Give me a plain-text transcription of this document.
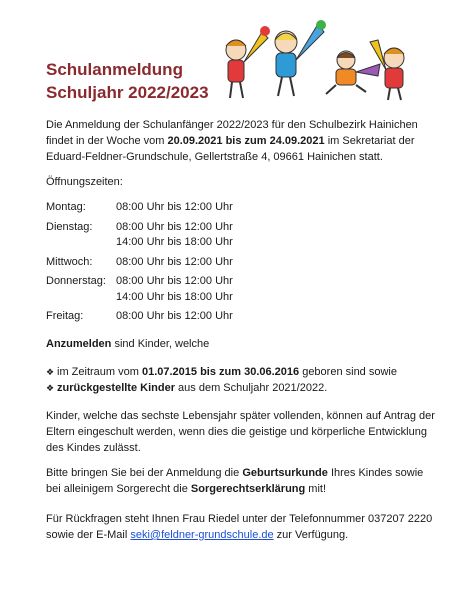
Schulanmeldung
Schuljahr 2022/2023

Die Anmeldung der Schulanfänger 2022/2023 für den Schulbezirk Hainichen findet in der Woche vom 20.09.2021 bis zum 24.09.2021 im Sekretariat der Eduard-Feldner-Grundschule, Gellertstraße 4, 09661 Hainichen statt.

Öffnungszeiten:

Montag:	08:00 Uhr bis 12:00 Uhr
Dienstag:	08:00 Uhr bis 12:00 Uhr
14:00 Uhr bis 18:00 Uhr
Mittwoch:	08:00 Uhr bis 12:00 Uhr
Donnerstag: 08:00 Uhr bis 12:00 Uhr
14:00 Uhr bis 18:00 Uhr
Freitag:	08:00 Uhr bis 12:00 Uhr

Anzumelden sind Kinder, welche

❖ im Zeitraum vom 01.07.2015 bis zum 30.06.2016 geboren sind sowie
❖ zurückgestellte Kinder aus dem Schuljahr 2021/2022.

Kinder, welche das sechste Lebensjahr später vollenden, können auf Antrag der Eltern eingeschult werden, wenn dies die geistige und körperliche Entwicklung des Kindes zulässt.

Bitte bringen Sie bei der Anmeldung die Geburtsurkunde Ihres Kindes sowie bei alleinigem Sorgerecht die Sorgerechtserklärung mit!

Für Rückfragen steht Ihnen Frau Riedel unter der Telefonnummer 037207 2220 sowie der E-Mail seki@feldner-grundschule.de zur Verfügung.
